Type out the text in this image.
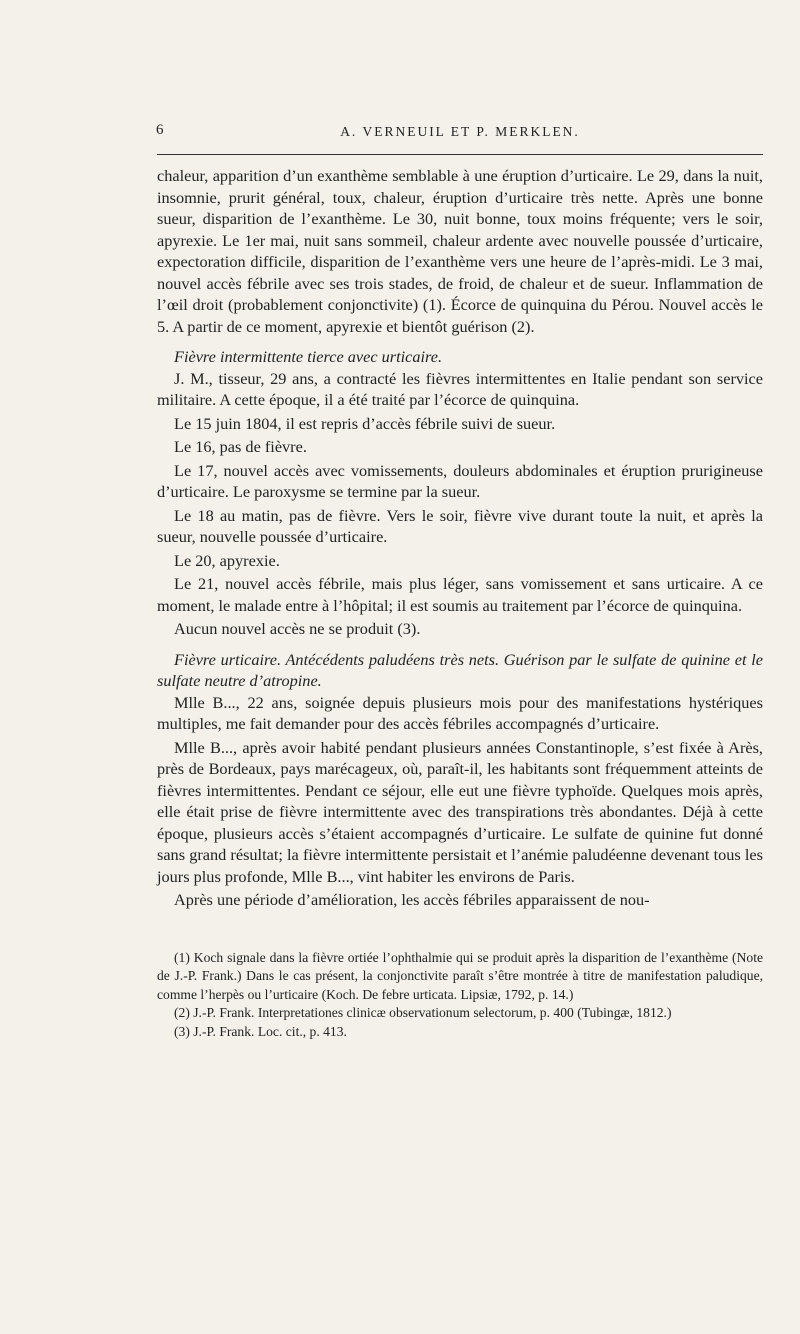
6	A. VERNEUIL ET P. MERKLEN.

chaleur, apparition d’un exanthème semblable à une éruption d’urticaire. Le 29, dans la nuit, insomnie, prurit général, toux, chaleur, éruption d’urticaire très nette. Après une bonne sueur, disparition de l’exanthème. Le 30, nuit bonne, toux moins fréquente; vers le soir, apyrexie. Le 1er mai, nuit sans sommeil, chaleur ardente avec nouvelle poussée d’urticaire, expectoration difficile, disparition de l’exanthème vers une heure de l’après-midi. Le 3 mai, nouvel accès fébrile avec ses trois stades, de froid, de chaleur et de sueur. Inflammation de l’œil droit (probablement conjonctivite) (1). Écorce de quinquina du Pérou. Nouvel accès le 5. A partir de ce moment, apyrexie et bientôt guérison (2).

Fièvre intermittente tierce avec urticaire.

J. M., tisseur, 29 ans, a contracté les fièvres intermittentes en Italie pendant son service militaire. A cette époque, il a été traité par l’écorce de quinquina.

Le 15 juin 1804, il est repris d’accès fébrile suivi de sueur.

Le 16, pas de fièvre.

Le 17, nouvel accès avec vomissements, douleurs abdominales et éruption prurigineuse d’urticaire. Le paroxysme se termine par la sueur.

Le 18 au matin, pas de fièvre. Vers le soir, fièvre vive durant toute la nuit, et après la sueur, nouvelle poussée d’urticaire.

Le 20, apyrexie.

Le 21, nouvel accès fébrile, mais plus léger, sans vomissement et sans urticaire. A ce moment, le malade entre à l’hôpital; il est soumis au traitement par l’écorce de quinquina.

Aucun nouvel accès ne se produit (3).

Fièvre urticaire. Antécédents paludéens très nets. Guérison par le sulfate de quinine et le sulfate neutre d’atropine.

Mlle B..., 22 ans, soignée depuis plusieurs mois pour des manifestations hystériques multiples, me fait demander pour des accès fébriles accompagnés d’urticaire.

Mlle B..., après avoir habité pendant plusieurs années Constantinople, s’est fixée à Arès, près de Bordeaux, pays marécageux, où, paraît-il, les habitants sont fréquemment atteints de fièvres intermittentes. Pendant ce séjour, elle eut une fièvre typhoïde. Quelques mois après, elle était prise de fièvre intermittente avec des transpirations très abondantes. Déjà à cette époque, plusieurs accès s’étaient accompagnés d’urticaire. Le sulfate de quinine fut donné sans grand résultat; la fièvre intermittente persistait et l’anémie paludéenne devenant tous les jours plus profonde, Mlle B..., vint habiter les environs de Paris.

Après une période d’amélioration, les accès fébriles apparaissent de nou-

(1) Koch signale dans la fièvre ortiée l’ophthalmie qui se produit après la disparition de l’exanthème (Note de J.-P. Frank.) Dans le cas présent, la conjonctivite paraît s’être montrée à titre de manifestation paludique, comme l’herpès ou l’urticaire (Koch. De febre urticata. Lipsiæ, 1792, p. 14.)

(2) J.-P. Frank. Interpretationes clinicæ observationum selectorum, p. 400 (Tubingæ, 1812.)

(3) J.-P. Frank. Loc. cit., p. 413.
